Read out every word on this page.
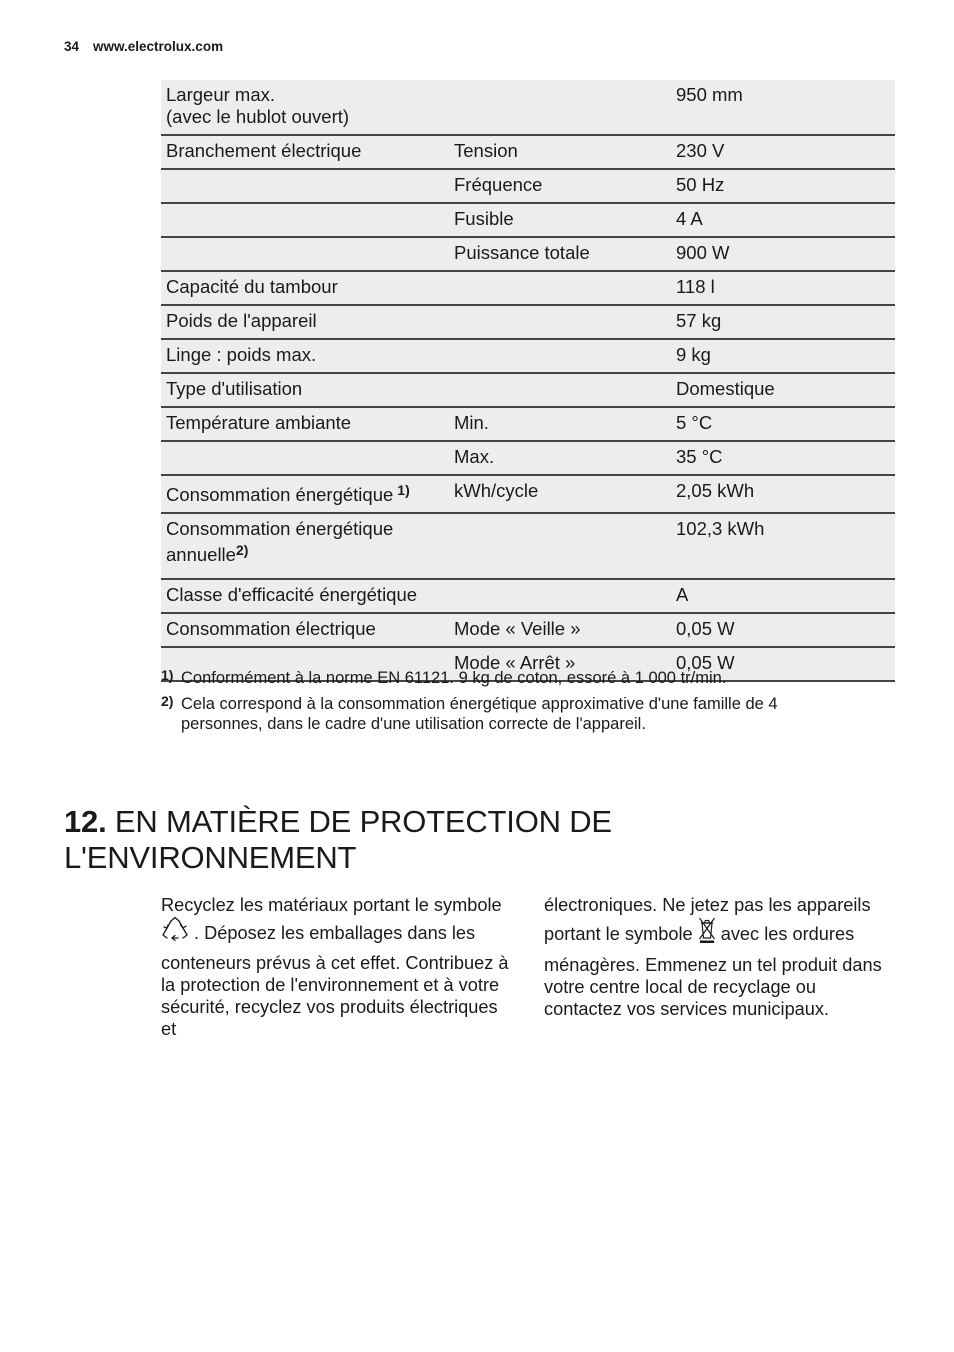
34 www.electrolux.com
Largeur max.
(avec le hublot ouvert)		950 mm
Branchement électrique	Tension	230 V
	Fréquence	50 Hz
	Fusible	4 A
	Puissance totale	900 W
Capacité du tambour		118 l
Poids de l'appareil		57 kg
Linge : poids max.		9 kg
Type d'utilisation		Domestique
Température ambiante	Min.	5 °C
	Max.	35 °C
Consommation énergétique $^{1)}$	kWh/cycle	2,05 kWh
Consommation énergétique
annuelle$^{2)}$		102,3 kWh
Classe d'efficacité énergétique		A
Consommation électrique	Mode « Veille »	0,05 W
	Mode « Arrêt »	0,05 W
1) Conformément à la norme EN 61121. 9 kg de coton, essoré à 1 000 tr/min.
2) Cela correspond à la consommation énergétique approximative d'une famille de 4 personnes, dans le cadre d'une utilisation correcte de l'appareil.
12. EN MATIÈRE DE PROTECTION DE
L'ENVIRONNEMENT
Recyclez les matériaux portant le symbole
. Déposez les emballages dans les
conteneurs prévus à cet effet. Contribuez à la protection de l'environnement et à votre sécurité, recyclez vos produits électriques et
électroniques. Ne jetez pas les appareils
portant le symbole  avec les ordures
ménagères. Emmenez un tel produit dans votre centre local de recyclage ou contactez vos services municipaux.
